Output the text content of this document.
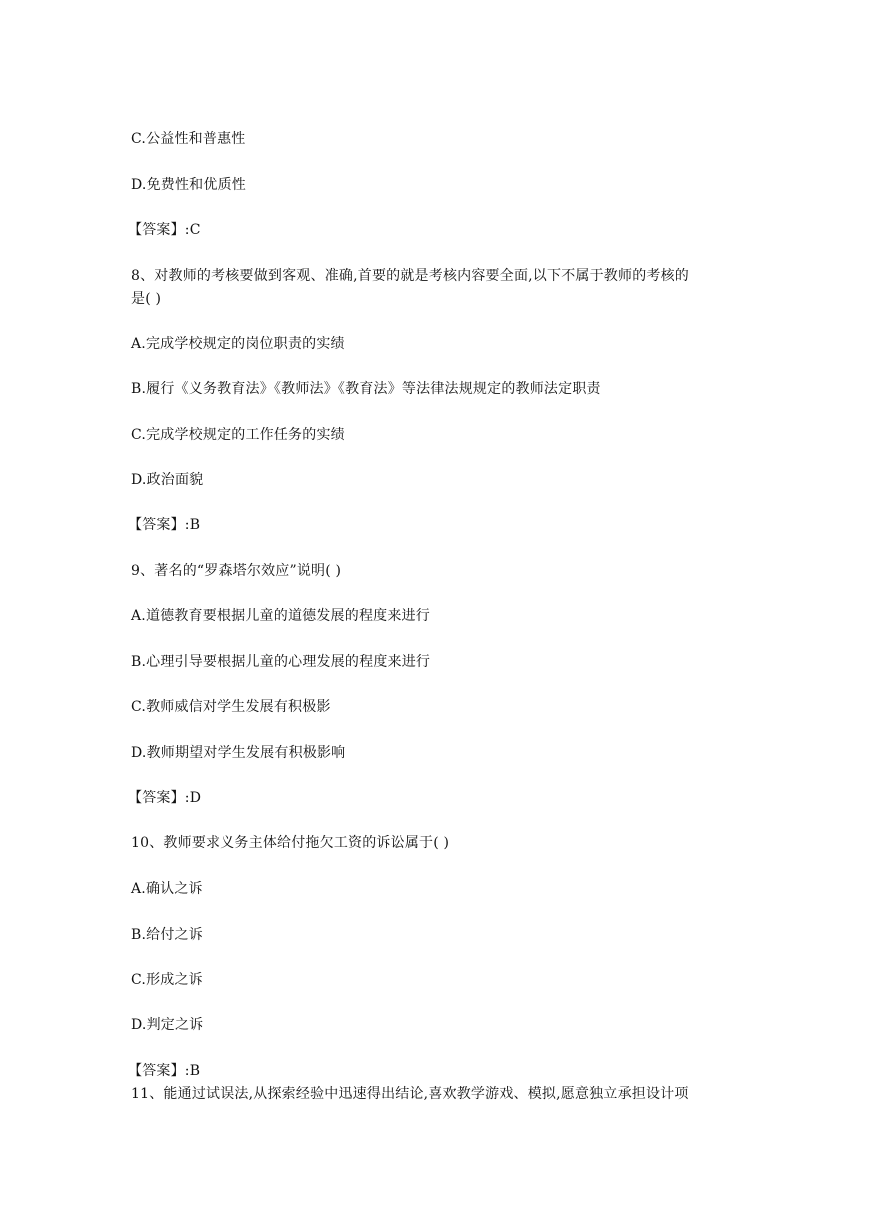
C.公益性和普惠性
D.免费性和优质性
【答案】:C
8、对教师的考核要做到客观、准确,首要的就是考核内容要全面,以下不属于教师的考核的
是( )
A.完成学校规定的岗位职责的实绩
B.履行《义务教育法》《教师法》《教育法》等法律法规规定的教师法定职责
C.完成学校规定的工作任务的实绩
D.政治面貌
【答案】:B
9、著名的“罗森塔尔效应”说明( )
A.道德教育要根据儿童的道德发展的程度来进行
B.心理引导要根据儿童的心理发展的程度来进行
C.教师威信对学生发展有积极影
D.教师期望对学生发展有积极影响
【答案】:D
10、教师要求义务主体给付拖欠工资的诉讼属于( )
A.确认之诉
B.给付之诉
C.形成之诉
D.判定之诉
【答案】:B
11、能通过试误法,从探索经验中迅速得出结论,喜欢教学游戏、模拟,愿意独立承担设计项
